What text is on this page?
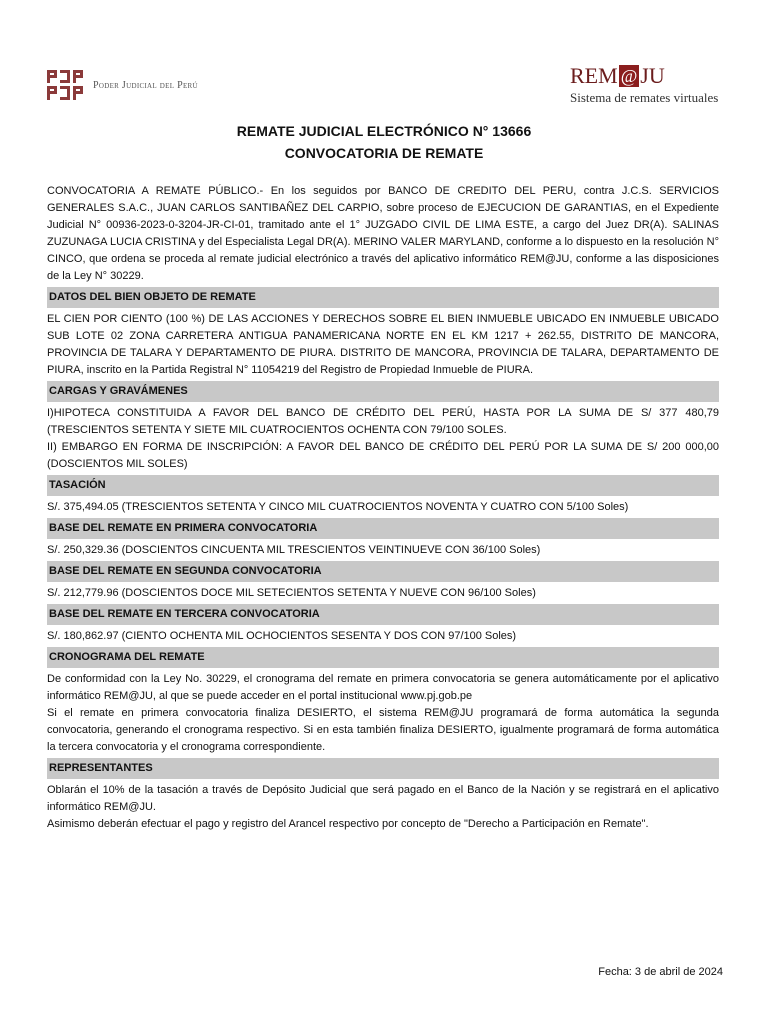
Poder Judicial del Perú	REM @ JU
Sistema de remates virtuales
REMATE JUDICIAL ELECTRÓNICO N° 13666
CONVOCATORIA DE REMATE

CONVOCATORIA A REMATE PÚBLICO.- En los seguidos por BANCO DE CREDITO DEL PERU, contra J.C.S. SERVICIOS GENERALES S.A.C., JUAN CARLOS SANTIBAÑEZ DEL CARPIO, sobre proceso de EJECUCION DE GARANTIAS, en el Expediente Judicial N° 00936-2023-0-3204-JR-CI-01, tramitado ante el 1° JUZGADO CIVIL DE LIMA ESTE, a cargo del Juez DR(A). SALINAS ZUZUNAGA LUCIA CRISTINA y del Especialista Legal DR(A). MERINO VALER MARYLAND, conforme a lo dispuesto en la resolución N° CINCO, que ordena se proceda al remate judicial electrónico a través del aplicativo informático REM@JU, conforme a las disposiciones de la Ley N° 30229.

DATOS DEL BIEN OBJETO DE REMATE

EL CIEN POR CIENTO (100 %) DE LAS ACCIONES Y DERECHOS SOBRE EL BIEN INMUEBLE UBICADO EN INMUEBLE UBICADO SUB LOTE 02 ZONA CARRETERA ANTIGUA PANAMERICANA NORTE EN EL KM 1217 + 262.55, DISTRITO DE MANCORA, PROVINCIA DE TALARA Y DEPARTAMENTO DE PIURA. DISTRITO DE MANCORA, PROVINCIA DE TALARA, DEPARTAMENTO DE PIURA, inscrito en la Partida Registral N° 11054219 del Registro de Propiedad Inmueble de PIURA.

CARGAS Y GRAVÁMENES

I)HIPOTECA CONSTITUIDA A FAVOR DEL BANCO DE CRÉDITO DEL PERÚ, HASTA POR LA SUMA DE S/ 377 480,79 (TRESCIENTOS SETENTA Y SIETE MIL CUATROCIENTOS OCHENTA CON 79/100 SOLES.

II) EMBARGO EN FORMA DE INSCRIPCIÓN: A FAVOR DEL BANCO DE CRÉDITO DEL PERÚ POR LA SUMA DE S/ 200 000,00 (DOSCIENTOS MIL SOLES)

TASACIÓN

S/. 375,494.05 (TRESCIENTOS SETENTA Y CINCO MIL CUATROCIENTOS NOVENTA Y CUATRO CON 5/100 Soles)

BASE DEL REMATE EN PRIMERA CONVOCATORIA

S/. 250,329.36 (DOSCIENTOS CINCUENTA MIL TRESCIENTOS VEINTINUEVE CON 36/100 Soles)

BASE DEL REMATE EN SEGUNDA CONVOCATORIA

S/. 212,779.96 (DOSCIENTOS DOCE MIL SETECIENTOS SETENTA Y NUEVE CON 96/100 Soles)

BASE DEL REMATE EN TERCERA CONVOCATORIA

S/. 180,862.97 (CIENTO OCHENTA MIL OCHOCIENTOS SESENTA Y DOS CON 97/100 Soles)

CRONOGRAMA DEL REMATE

De conformidad con la Ley No. 30229, el cronograma del remate en primera convocatoria se genera automáticamente por el aplicativo informático REM@JU, al que se puede acceder en el portal institucional www.pj.gob.pe

Si el remate en primera convocatoria finaliza DESIERTO, el sistema REM@JU programará de forma automática la segunda convocatoria, generando el cronograma respectivo. Si en esta también finaliza DESIERTO, igualmente programará de forma automática la tercera convocatoria y el cronograma correspondiente.

REPRESENTANTES

Oblarán el 10% de la tasación a través de Depósito Judicial que será pagado en el Banco de la Nación y se registrará en el aplicativo informático REM@JU.

Asimismo deberán efectuar el pago y registro del Arancel respectivo por concepto de "Derecho a Participación en Remate".

Fecha: 3 de abril de 2024
